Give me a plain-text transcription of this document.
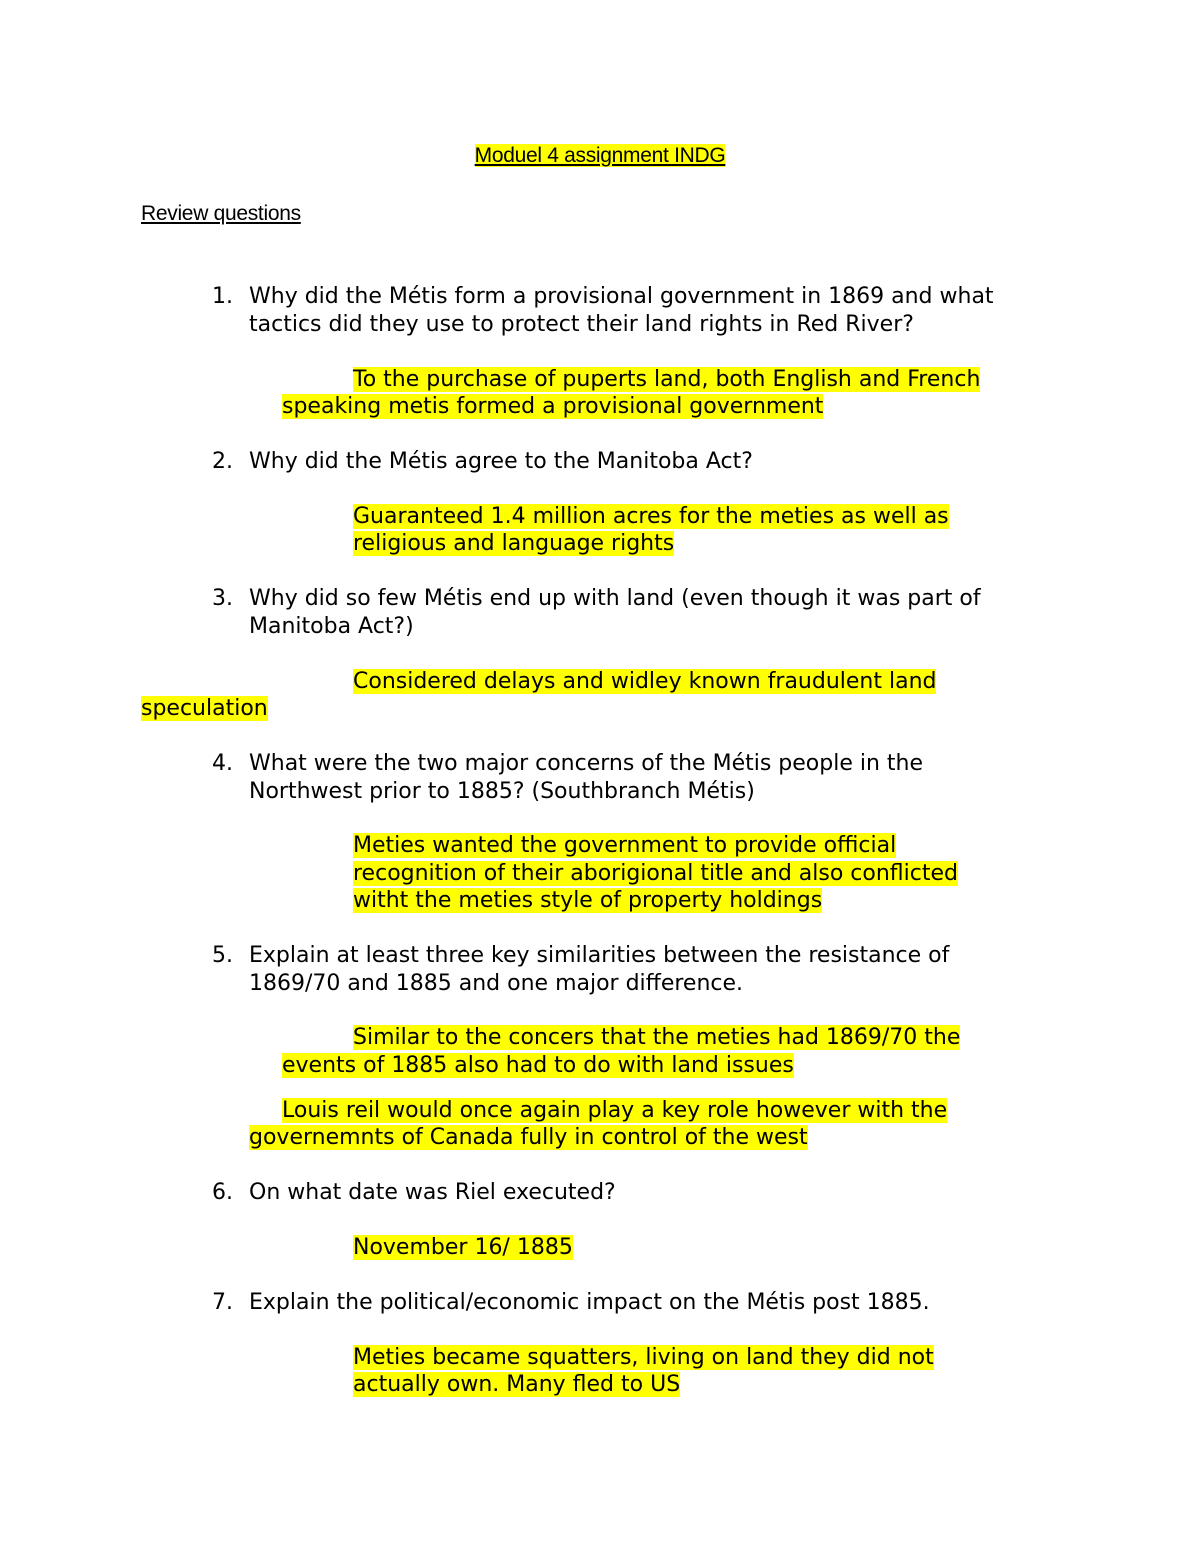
Moduel 4 assignment INDG
Review questions
1. Why did the Métis form a provisional government in 1869 and what
tactics did they use to protect their land rights in Red River?
To the purchase of puperts land, both English and French
speaking metis formed a provisional government
2. Why did the Métis agree to the Manitoba Act?
Guaranteed 1.4 million acres for the meties as well as
religious and language rights
3. Why did so few Métis end up with land (even though it was part of
Manitoba Act?)
Considered delays and widley known fraudulent land
speculation
4. What were the two major concerns of the Métis people in the
Northwest prior to 1885? (Southbranch Métis)
Meties wanted the government to provide official
recognition of their aborigional title and also conflicted
witht the meties style of property holdings
5. Explain at least three key similarities between the resistance of
1869/70 and 1885 and one major difference.
Similar to the concers that the meties had 1869/70 the
events of 1885 also had to do with land issues
Louis reil would once again play a key role however with the
governemnts of Canada fully in control of the west
6. On what date was Riel executed?
November 16/ 1885
7. Explain the political/economic impact on the Métis post 1885.
Meties became squatters, living on land they did not
actually own. Many fled to US
